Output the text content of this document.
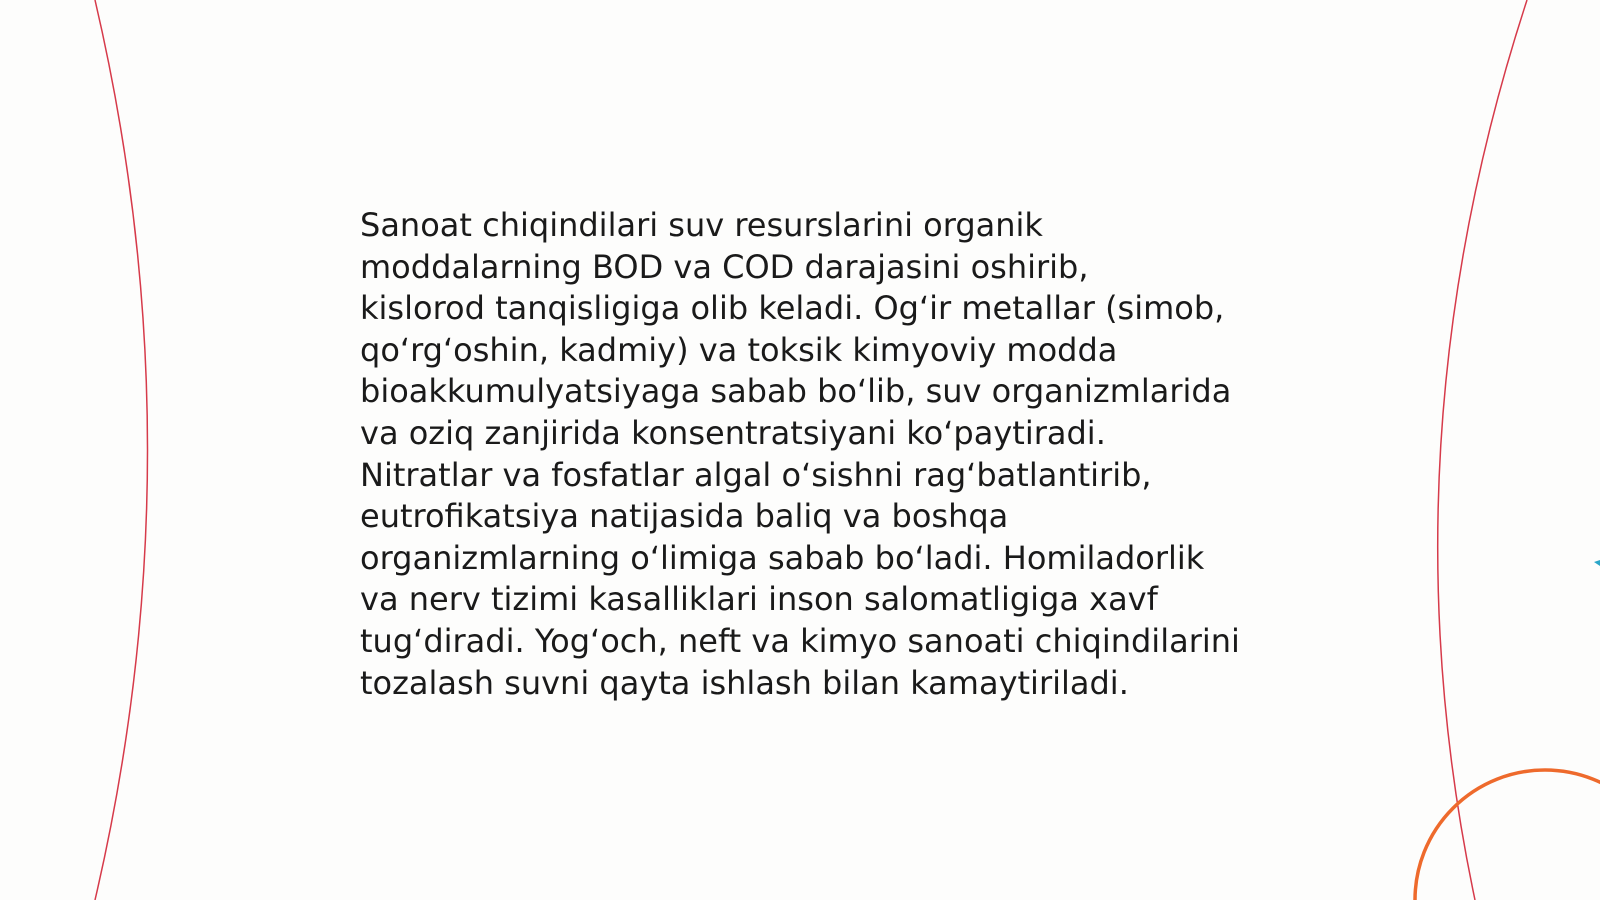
Sanoat chiqindilari suv resurslarini organik
moddalarning BOD va COD darajasini oshirib,
kislorod tanqisligiga olib keladi. Og‘ir metallar (simob,
qo‘rg‘oshin, kadmiy) va toksik kimyoviy modda
bioakkumulyatsiyaga sabab bo‘lib, suv organizmlarida
va oziq zanjirida konsentratsiyani ko‘paytiradi.
Nitratlar va fosfatlar algal o‘sishni rag‘batlantirib,
eutrofikatsiya natijasida baliq va boshqa
organizmlarning o‘limiga sabab bo‘ladi. Homiladorlik
va nerv tizimi kasalliklari inson salomatligiga xavf
tug‘diradi. Yog‘och, neft va kimyo sanoati chiqindilarini
tozalash suvni qayta ishlash bilan kamaytiriladi.
